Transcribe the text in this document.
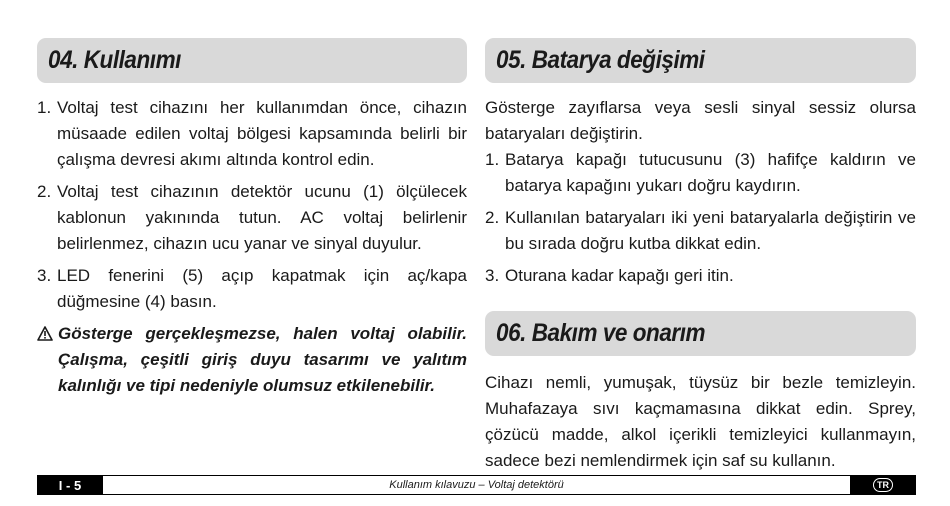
04. Kullanımı
1. Voltaj test cihazını her kullanımdan önce, cihazın müsaade edilen voltaj bölgesi kapsamında belirli bir çalışma devresi akımı altında kontrol edin.
2. Voltaj test cihazının detektör ucunu (1) ölçülecek kablonun yakınında tutun. AC voltaj belirlenir belirlenmez, cihazın ucu yanar ve sinyal duyulur.
3. LED fenerini (5) açıp kapatmak için aç/kapa düğmesine (4) basın.
Gösterge gerçekleşmezse, halen voltaj olabilir. Çalışma, çeşitli giriş duyu tasarımı ve yalıtım kalınlığı ve tipi nedeniyle olumsuz etkilenebilir.
05. Batarya değişimi
Gösterge zayıflarsa veya sesli sinyal sessiz olursa bataryaları değiştirin.
1. Batarya kapağı tutucusunu (3) hafifçe kaldırın ve batarya kapağını yukarı doğru kaydırın.
2. Kullanılan bataryaları iki yeni bataryalarla değiştirin ve bu sırada doğru kutba dikkat edin.
3. Oturana kadar kapağı geri itin.
06. Bakım ve onarım
Cihazı nemli, yumuşak, tüysüz bir bezle temizleyin. Muhafazaya sıvı kaçmamasına dikkat edin. Sprey, çözücü madde, alkol içerikli temizleyici kullanmayın, sadece bezi nemlendirmek için saf su kullanın.
I - 5	Kullanım kılavuzu – Voltaj detektörü	TR
